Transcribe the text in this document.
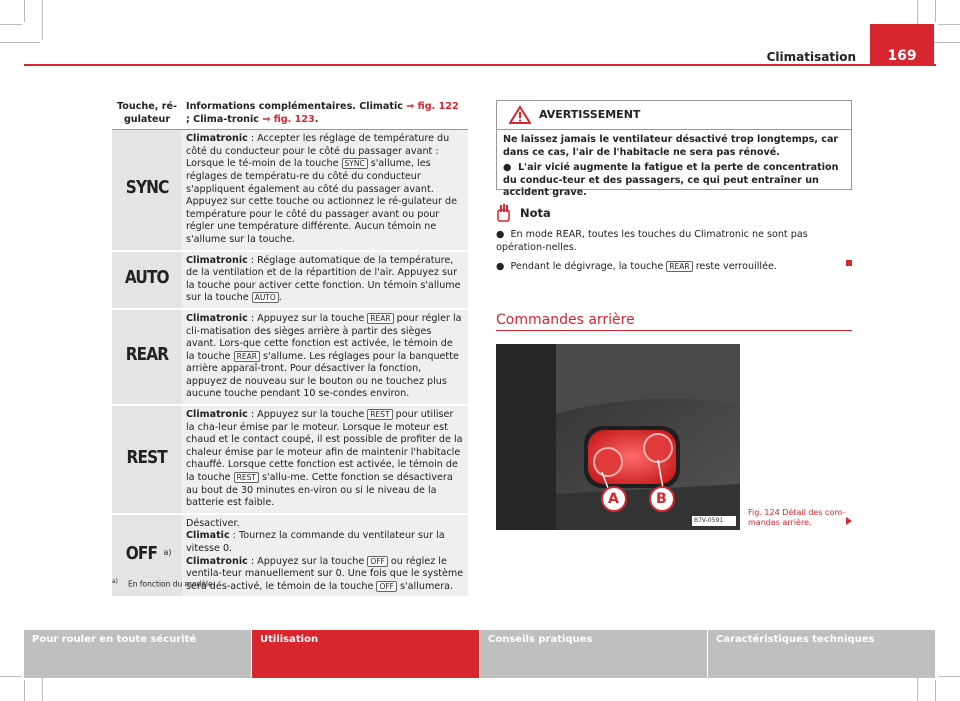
Climatisation 169
Touche, ré-gulateur	Informations complémentaires. Climatic ⇒ fig. 122 ; Clima-tronic ⇒ fig. 123.
SYNC	Climatronic : Accepter les réglage de température du côté du conducteur pour le côté du passager avant : Lorsque le té-moin de la touche SYNC s'allume, les réglages de températu-re du côté du conducteur s'appliquent également au côté du passager avant. Appuyez sur cette touche ou actionnez le ré-gulateur de température pour le côté du passager avant ou pour régler une température différente. Aucun témoin ne s'allume sur la touche.
AUTO	Climatronic : Réglage automatique de la température, de la ventilation et de la répartition de l'air. Appuyez sur la touche pour activer cette fonction. Un témoin s'allume sur la touche AUTO .
REAR	Climatronic : Appuyez sur la touche REAR pour régler la cli-matisation des sièges arrière à partir des sièges avant. Lors-que cette fonction est activée, le témoin de la touche REAR s'allume. Les réglages pour la banquette arrière apparaî-tront. Pour désactiver la fonction, appuyez de nouveau sur le bouton ou ne touchez plus aucune touche pendant 10 se-condes environ.
REST	Climatronic : Appuyez sur la touche REST pour utiliser la cha-leur émise par le moteur. Lorsque le moteur est chaud et le contact coupé, il est possible de profiter de la chaleur émise par le moteur afin de maintenir l'habitacle chauffé. Lorsque cette fonction est activée, le témoin de la touche REST s'allu-me. Cette fonction se désactivera au bout de 30 minutes en-viron ou si le niveau de la batterie est faible.
OFF $^{a)}$	Désactiver.
Climatic : Tournez la commande du ventilateur sur la vitesse 0.
Climatronic : Appuyez sur la touche OFF ou réglez le ventila-teur manuellement sur 0. Une fois que le système sera dés-activé, le témoin de la touche OFF s'allumera.
$^{a)}$ En fonction du modèle.
AVERTISSEMENT
Ne laissez jamais le ventilateur désactivé trop longtemps, car dans ce cas, l'air de l'habitacle ne sera pas rénové.
●  L'air vicié augmente la fatigue et la perte de concentration du conduc-teur et des passagers, ce qui peut entraîner un accident grave.
Nota

●  En mode REAR, toutes les touches du Climatronic ne sont pas opération-nelles.

●  Pendant le dégivrage, la touche REAR reste verrouillée.

Commandes arrière
A	B
B7V-0591
Fig. 124 Détail des com-mandes arrière.
Pour rouler en toute sécurité	Utilisation	Conseils pratiques	Caractéristiques techniques
